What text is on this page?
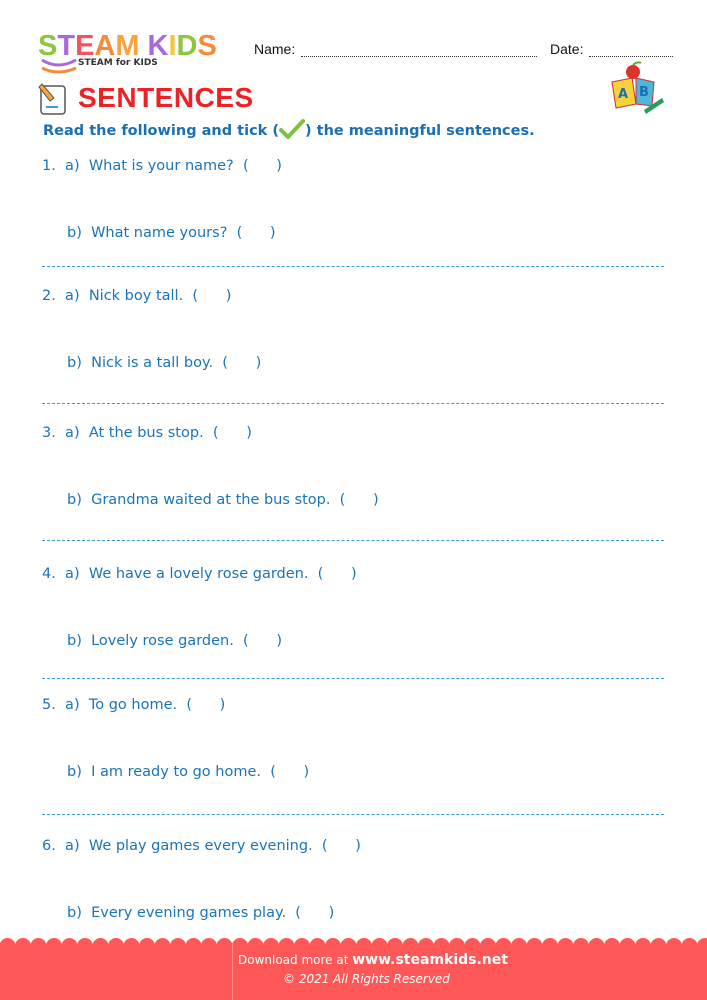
STEAM KIDS
STEAM for KIDS
Name:	Date:
SENTENCES	A B
Read the following and tick ( ) the meaningful sentences.
1.  a)  What is your name?  (      )
b)  What name yours?  (      )
2.  a)  Nick boy tall.  (      )
b)  Nick is a tall boy.  (      )
3.  a)  At the bus stop.  (      )
b)  Grandma waited at the bus stop.  (      )
4.  a)  We have a lovely rose garden.  (      )
b)  Lovely rose garden.  (      )
5.  a)  To go home.  (      )
b)  I am ready to go home.  (      )
6.  a)  We play games every evening.  (      )
b)  Every evening games play.  (      )
Download more at www.steamkids.net
© 2021 All Rights Reserved
